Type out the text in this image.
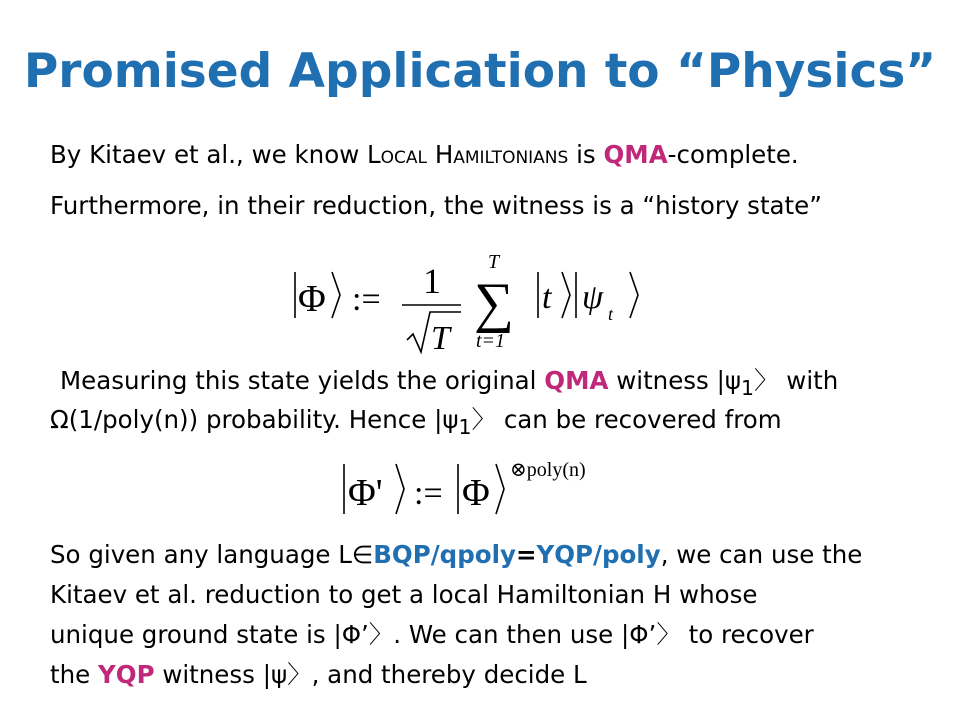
Promised Application to “Physics”
By Kitaev et al., we know Local Hamiltonians is QMA-complete.
Furthermore, in their reduction, the witness is a “history state”
Φ := 1
T
∑
T
t=1
t ψ t
Measuring this state yields the original QMA witness $|\psi_1$〉 with
Ω(1/poly(n)) probability. Hence $|\psi_1$〉 can be recovered from
Φ' := Φ
⊗poly(n)
So given any language L∈BQP/qpoly=YQP/poly, we can use the
Kitaev et al. reduction to get a local Hamiltonian H whose
unique ground state is |Φ’〉. We can then use |Φ’〉 to recover
the YQP witness |ψ〉, and thereby decide L
